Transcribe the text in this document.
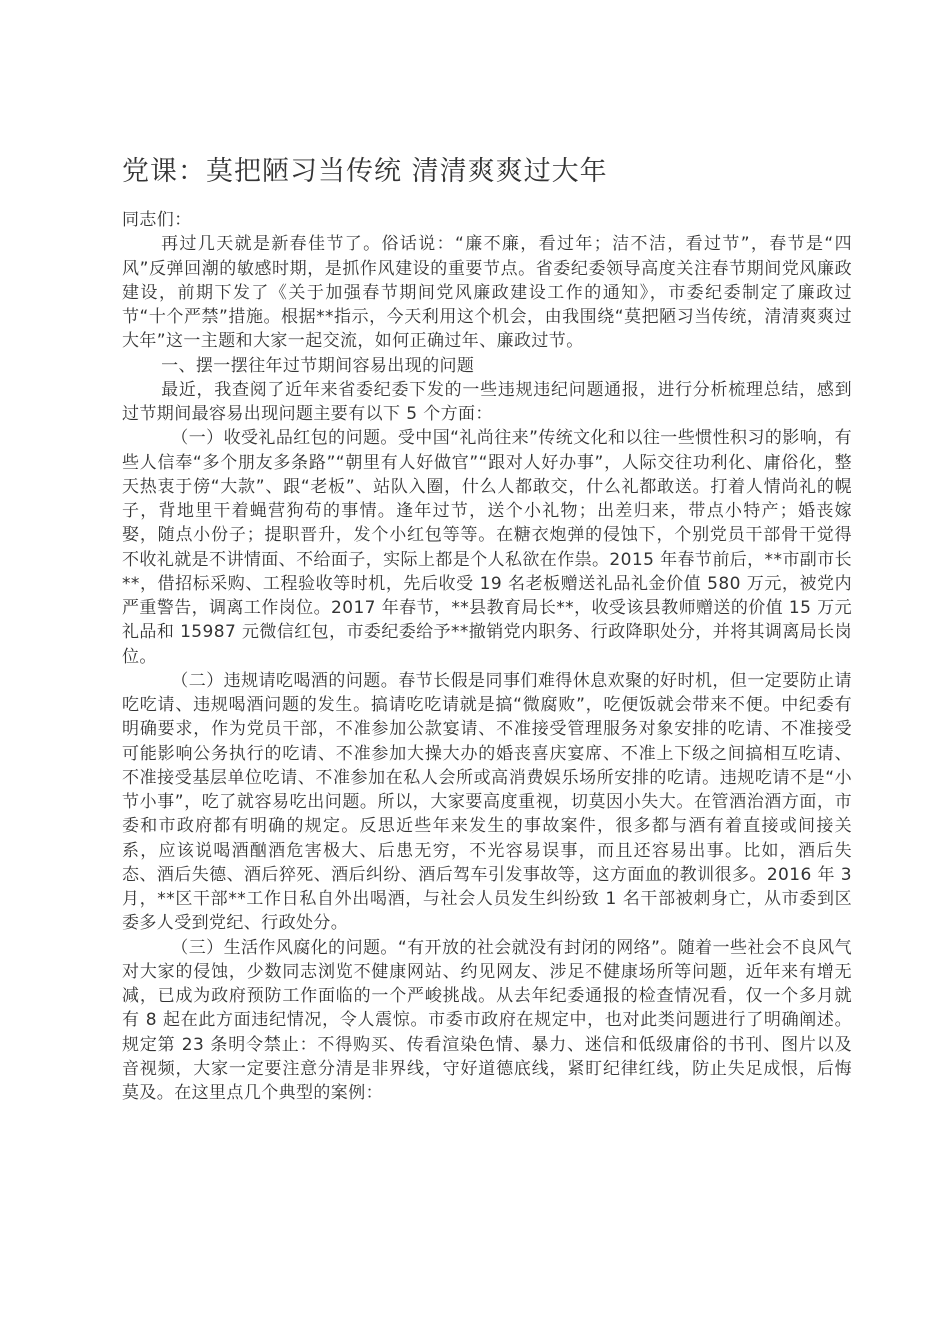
党课：莫把陋习当传统 清清爽爽过大年

同志们：

再过几天就是新春佳节了。俗话说：“廉不廉，看过年；洁不洁，看过节”，春节是“四风”反弹回潮的敏感时期，是抓作风建设的重要节点。省委纪委领导高度关注春节期间党风廉政建设，前期下发了《关于加强春节期间党风廉政建设工作的通知》，市委纪委制定了廉政过节“十个严禁”措施。根据**指示，今天利用这个机会，由我围绕“莫把陋习当传统，清清爽爽过大年”这一主题和大家一起交流，如何正确过年、廉政过节。

一、摆一摆往年过节期间容易出现的问题

最近，我查阅了近年来省委纪委下发的一些违规违纪问题通报，进行分析梳理总结，感到过节期间最容易出现问题主要有以下 5 个方面：

（一）收受礼品红包的问题。受中国“礼尚往来”传统文化和以往一些惯性积习的影响，有些人信奉“多个朋友多条路”“朝里有人好做官”“跟对人好办事”，人际交往功利化、庸俗化，整天热衷于傍“大款”、跟“老板”、站队入圈，什么人都敢交，什么礼都敢送。打着人情尚礼的幌子，背地里干着蝇营狗苟的事情。逢年过节，送个小礼物；出差归来，带点小特产；婚丧嫁娶，随点小份子；提职晋升，发个小红包等等。在糖衣炮弹的侵蚀下，个别党员干部骨干觉得不收礼就是不讲情面、不给面子，实际上都是个人私欲在作祟。2015 年春节前后，**市副市长**，借招标采购、工程验收等时机，先后收受 19 名老板赠送礼品礼金价值 580 万元，被党内严重警告，调离工作岗位。2017 年春节，**县教育局长**，收受该县教师赠送的价值 15 万元礼品和 15987 元微信红包，市委纪委给予**撤销党内职务、行政降职处分，并将其调离局长岗位。

（二）违规请吃喝酒的问题。春节长假是同事们难得休息欢聚的好时机，但一定要防止请吃吃请、违规喝酒问题的发生。搞请吃吃请就是搞“微腐败”，吃便饭就会带来不便。中纪委有明确要求，作为党员干部，不准参加公款宴请、不准接受管理服务对象安排的吃请、不准接受可能影响公务执行的吃请、不准参加大操大办的婚丧喜庆宴席、不准上下级之间搞相互吃请、不准接受基层单位吃请、不准参加在私人会所或高消费娱乐场所安排的吃请。违规吃请不是“小节小事”，吃了就容易吃出问题。所以，大家要高度重视，切莫因小失大。在管酒治酒方面，市委和市政府都有明确的规定。反思近些年来发生的事故案件，很多都与酒有着直接或间接关系，应该说喝酒酗酒危害极大、后患无穷，不光容易误事，而且还容易出事。比如，酒后失态、酒后失德、酒后猝死、酒后纠纷、酒后驾车引发事故等，这方面血的教训很多。2016 年 3 月，**区干部**工作日私自外出喝酒，与社会人员发生纠纷致 1 名干部被刺身亡，从市委到区委多人受到党纪、行政处分。

（三）生活作风腐化的问题。“有开放的社会就没有封闭的网络”。随着一些社会不良风气对大家的侵蚀，少数同志浏览不健康网站、约见网友、涉足不健康场所等问题，近年来有增无减，已成为政府预防工作面临的一个严峻挑战。从去年纪委通报的检查情况看，仅一个多月就有 8 起在此方面违纪情况，令人震惊。市委市政府在规定中，也对此类问题进行了明确阐述。规定第 23 条明令禁止：不得购买、传看渲染色情、暴力、迷信和低级庸俗的书刊、图片以及音视频，大家一定要注意分清是非界线，守好道德底线，紧盯纪律红线，防止失足成恨，后悔莫及。在这里点几个典型的案例：
